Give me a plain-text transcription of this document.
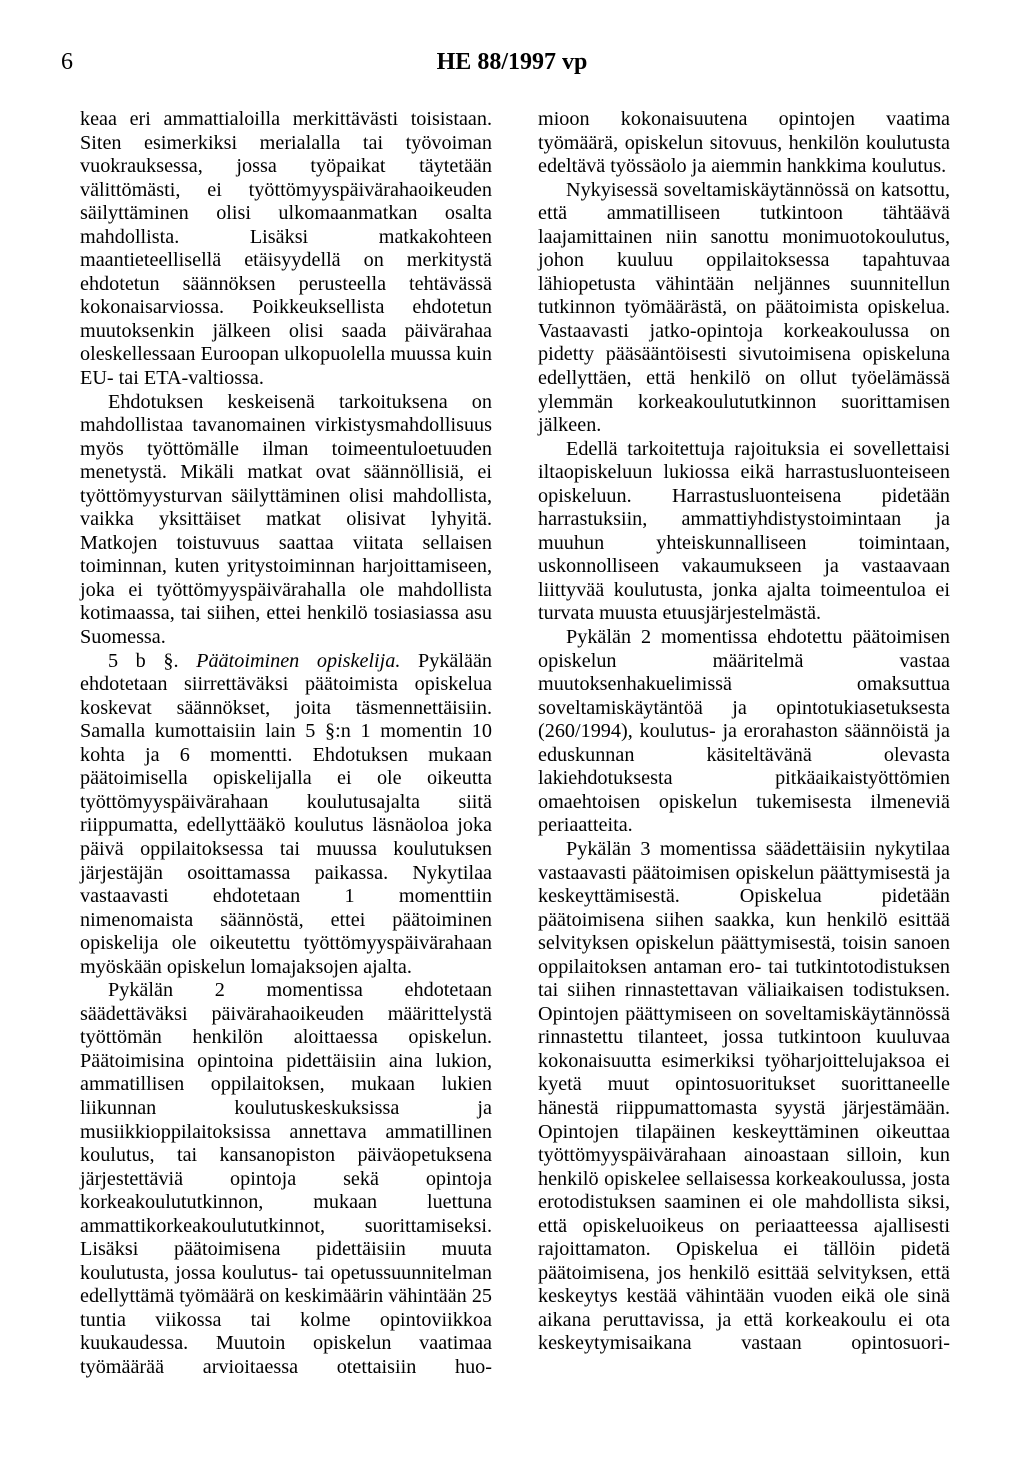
6	HE 88/1997 vp

keaa eri ammattialoilla merkittävästi toisistaan. Siten esimerkiksi merialalla tai työvoiman vuokrauksessa, jossa työpaikat täytetään välittömästi, ei työttömyyspäivärahaoikeuden säilyttäminen olisi ulkomaanmatkan osalta mahdollista. Lisäksi matkakohteen maantieteellisellä etäisyydellä on merkitystä ehdotetun säännöksen perusteella tehtävässä kokonaisarviossa. Poikkeuksellista ehdotetun muutoksenkin jälkeen olisi saada päivärahaa oleskellessaan Euroopan ulkopuolella muussa kuin EU- tai ETA-valtiossa.

Ehdotuksen keskeisenä tarkoituksena on mahdollistaa tavanomainen virkistysmahdollisuus myös työttömälle ilman toimeentuloetuuden menetystä. Mikäli matkat ovat säännöllisiä, ei työttömyysturvan säilyttäminen olisi mahdollista, vaikka yksittäiset matkat olisivat lyhyitä. Matkojen toistuvuus saattaa viitata sellaisen toiminnan, kuten yritystoiminnan harjoittamiseen, joka ei työttömyyspäivärahalla ole mahdollista kotimaassa, tai siihen, ettei henkilö tosiasiassa asu Suomessa.

5 b §. Päätoiminen opiskelija. Pykälään ehdotetaan siirrettäväksi päätoimista opiskelua koskevat säännökset, joita täsmennettäisiin. Samalla kumottaisiin lain 5 §:n 1 momentin 10 kohta ja 6 momentti. Ehdotuksen mukaan päätoimisella opiskelijalla ei ole oikeutta työttömyyspäivärahaan koulutusajalta siitä riippumatta, edellyttääkö koulutus läsnäoloa joka päivä oppilaitoksessa tai muussa koulutuksen järjestäjän osoittamassa paikassa. Nykytilaa vastaavasti ehdotetaan 1 momenttiin nimenomaista säännöstä, ettei päätoiminen opiskelija ole oikeutettu työttömyyspäivärahaan myöskään opiskelun lomajaksojen ajalta.

Pykälän 2 momentissa ehdotetaan säädettäväksi päivärahaoikeuden määrittelystä työttömän henkilön aloittaessa opiskelun. Päätoimisina opintoina pidettäisiin aina lukion, ammatillisen oppilaitoksen, mukaan lukien liikunnan koulutuskeskuksissa ja musiikkioppilaitoksissa annettava ammatillinen koulutus, tai kansanopiston päiväopetuksena järjestettäviä opintoja sekä opintoja korkeakoulututkinnon, mukaan luettuna ammattikorkeakoulututkinnot, suorittamiseksi. Lisäksi päätoimisena pidettäisiin muuta koulutusta, jossa koulutus- tai opetussuunnitelman edellyttämä työmäärä on keskimäärin vähintään 25 tuntia viikossa tai kolme opintoviikkoa kuukaudessa. Muutoin opiskelun vaatimaa työmäärää arvioitaessa otettaisiin huo-

mioon kokonaisuutena opintojen vaatima työmäärä, opiskelun sitovuus, henkilön koulutusta edeltävä työssäolo ja aiemmin hankkima koulutus.

Nykyisessä soveltamiskäytännössä on katsottu, että ammatilliseen tutkintoon tähtäävä laajamittainen niin sanottu monimuotokoulutus, johon kuuluu oppilaitoksessa tapahtuvaa lähiopetusta vähintään neljännes suunnitellun tutkinnon työmäärästä, on päätoimista opiskelua. Vastaavasti jatko-opintoja korkeakoulussa on pidetty pääsääntöisesti sivutoimisena opiskeluna edellyttäen, että henkilö on ollut työelämässä ylemmän korkeakoulututkinnon suorittamisen jälkeen.

Edellä tarkoitettuja rajoituksia ei sovellettaisi iltaopiskeluun lukiossa eikä harrastusluonteiseen opiskeluun. Harrastusluonteisena pidetään harrastuksiin, ammattiyhdistystoimintaan ja muuhun yhteiskunnalliseen toimintaan, uskonnolliseen vakaumukseen ja vastaavaan liittyvää koulutusta, jonka ajalta toimeentuloa ei turvata muusta etuusjärjestelmästä.

Pykälän 2 momentissa ehdotettu päätoimisen opiskelun määritelmä vastaa muutoksenhakuelimissä omaksuttua soveltamiskäytäntöä ja opintotukiasetuksesta (260/1994), koulutus- ja erorahaston säännöistä ja eduskunnan käsiteltävänä olevasta lakiehdotuksesta pitkäaikaistyöttömien omaehtoisen opiskelun tukemisesta ilmeneviä periaatteita.

Pykälän 3 momentissa säädettäisiin nykytilaa vastaavasti päätoimisen opiskelun päättymisestä ja keskeyttämisestä. Opiskelua pidetään päätoimisena siihen saakka, kun henkilö esittää selvityksen opiskelun päättymisestä, toisin sanoen oppilaitoksen antaman ero- tai tutkintotodistuksen tai siihen rinnastettavan väliaikaisen todistuksen. Opintojen päättymiseen on soveltamiskäytännössä rinnastettu tilanteet, jossa tutkintoon kuuluvaa kokonaisuutta esimerkiksi työharjoittelujaksoa ei kyetä muut opintosuoritukset suorittaneelle hänestä riippumattomasta syystä järjestämään. Opintojen tilapäinen keskeyttäminen oikeuttaa työttömyyspäivärahaan ainoastaan silloin, kun henkilö opiskelee sellaisessa korkeakoulussa, josta erotodistuksen saaminen ei ole mahdollista siksi, että opiskeluoikeus on periaatteessa ajallisesti rajoittamaton. Opiskelua ei tällöin pidetä päätoimisena, jos henkilö esittää selvityksen, että keskeytys kestää vähintään vuoden eikä ole sinä aikana peruttavissa, ja että korkeakoulu ei ota keskeytymisaikana vastaan opintosuori-
